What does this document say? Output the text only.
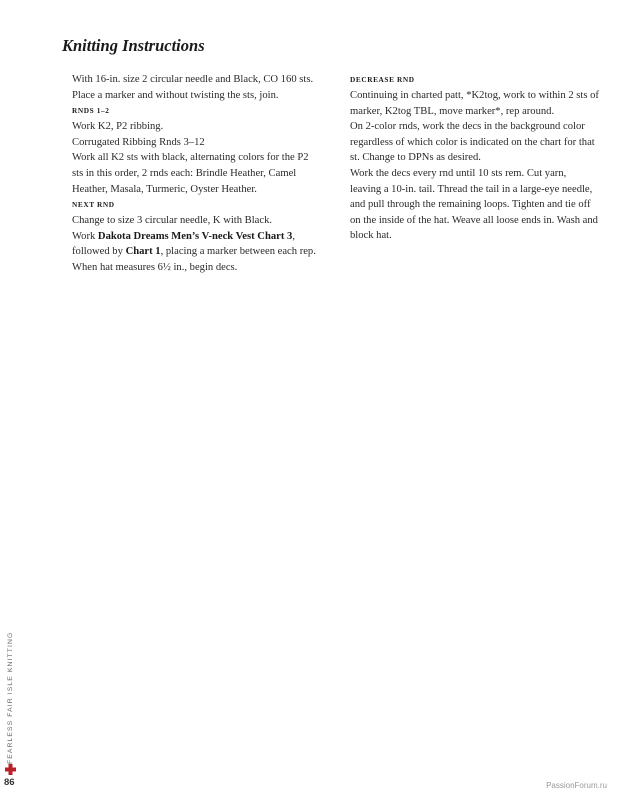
Knitting Instructions

With 16-in. size 2 circular needle and Black, CO 160 sts. Place a marker and without twisting the sts, join.

RNDS 1–2

Work K2, P2 ribbing.

Corrugated Ribbing Rnds 3–12

Work all K2 sts with black, alternating colors for the P2 sts in this order, 2 rnds each: Brindle Heather, Camel Heather, Masala, Turmeric, Oyster Heather.

NEXT RND

Change to size 3 circular needle, K with Black.

Work Dakota Dreams Men’s V-neck Vest Chart 3, followed by Chart 1, placing a marker between each rep.

When hat measures 6½ in., begin decs.

DECREASE RND

Continuing in charted patt, *K2tog, work to within 2 sts of marker, K2tog TBL, move marker*, rep around.

On 2-color rnds, work the decs in the background color regardless of which color is indicated on the chart for that st. Change to DPNs as desired.

Work the decs every rnd until 10 sts rem. Cut yarn, leaving a 10-in. tail. Thread the tail in a large-eye needle, and pull through the remaining loops. Tighten and tie off on the inside of the hat. Weave all loose ends in. Wash and block hat.

FEARLESS FAIR ISLE KNITTING
86	PassionForum.ru
